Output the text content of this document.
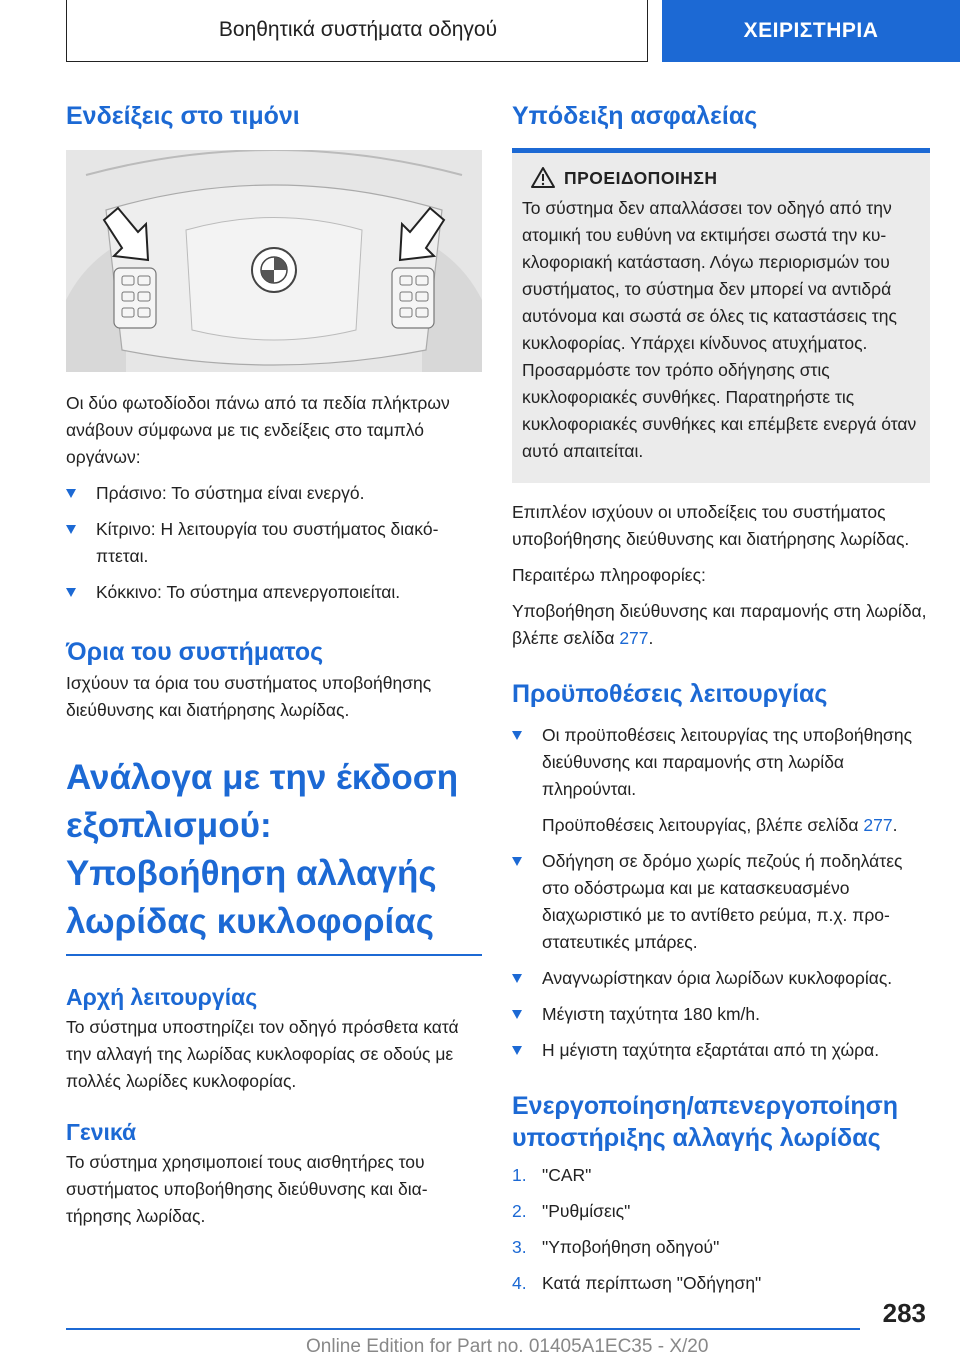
Βοηθητικά συστήματα οδηγού	ΧΕΙΡΙΣΤΗΡΙΑ
Ενδείξεις στο τιμόνι

Οι δύο φωτοδίοδοι πάνω από τα πεδία πλήκτρων ανάβουν σύμφωνα με τις ενδείξεις στο ταμπλό οργάνων:

Πράσινο: Το σύστημα είναι ενεργό.
Κίτρινο: Η λειτουργία του συστήματος διακόπτεται.
Κόκκινο: Το σύστημα απενεργοποιείται.
Όρια του συστήματος

Ισχύουν τα όρια του συστήματος υποβοήθησης διεύθυνσης και διατήρησης λωρίδας.

Ανάλογα με την έκδοση εξοπλισμού: Υποβοήθηση αλλαγής λωρίδας κυκλοφορίας
Αρχή λειτουργίας

Το σύστημα υποστηρίζει τον οδηγό πρόσθετα κατά την αλλαγή της λωρίδας κυκλοφορίας σε οδούς με πολλές λωρίδες κυκλοφορίας.

Γενικά

Το σύστημα χρησιμοποιεί τους αισθητήρες του συστήματος υποβοήθησης διεύθυνσης και διατήρησης λωρίδας.

Υπόδειξη ασφαλείας
ΠΡΟΕΙΔΟΠΟΙΗΣΗ

Το σύστημα δεν απαλλάσσει τον οδηγό από την ατομική του ευθύνη να εκτιμήσει σωστά την κυκλοφοριακή κατάσταση. Λόγω περιορισμών του συστήματος, το σύστημα δεν μπορεί να αντιδρά αυτόνομα και σωστά σε όλες τις καταστάσεις της κυκλοφορίας. Υπάρχει κίνδυνος ατυχήματος. Προσαρμόστε τον τρόπο οδήγησης στις κυκλοφοριακές συνθήκες. Παρατηρήστε τις κυκλοφοριακές συνθήκες και επέμβετε ενεργά όταν αυτό απαιτείται.

Επιπλέον ισχύουν οι υποδείξεις του συστήματος υποβοήθησης διεύθυνσης και διατήρησης λωρίδας.

Περαιτέρω πληροφορίες:

Υποβοήθηση διεύθυνσης και παραμονής στη λωρίδα, βλέπε σελίδα 277.

Προϋποθέσεις λειτουργίας
Οι προϋποθέσεις λειτουργίας της υποβοήθησης διεύθυνσης και παραμονής στη λωρίδα πληρούνται.
Προϋποθέσεις λειτουργίας, βλέπε σελίδα 277.
Οδήγηση σε δρόμο χωρίς πεζούς ή ποδηλάτες στο οδόστρωμα και με κατασκευασμένο διαχωριστικό με το αντίθετο ρεύμα, π.χ. προστατευτικές μπάρες.
Αναγνωρίστηκαν όρια λωρίδων κυκλοφορίας.
Μέγιστη ταχύτητα 180 km/h.
Η μέγιστη ταχύτητα εξαρτάται από τη χώρα.
Ενεργοποίηση/απενεργοποίηση υποστήριξης αλλαγής λωρίδας
1. "CAR"
2. "Ρυθμίσεις"
3. "Υποβοήθηση οδηγού"
4. Κατά περίπτωση "Οδήγηση"
283
Online Edition for Part no. 01405A1EC35 - X/20
